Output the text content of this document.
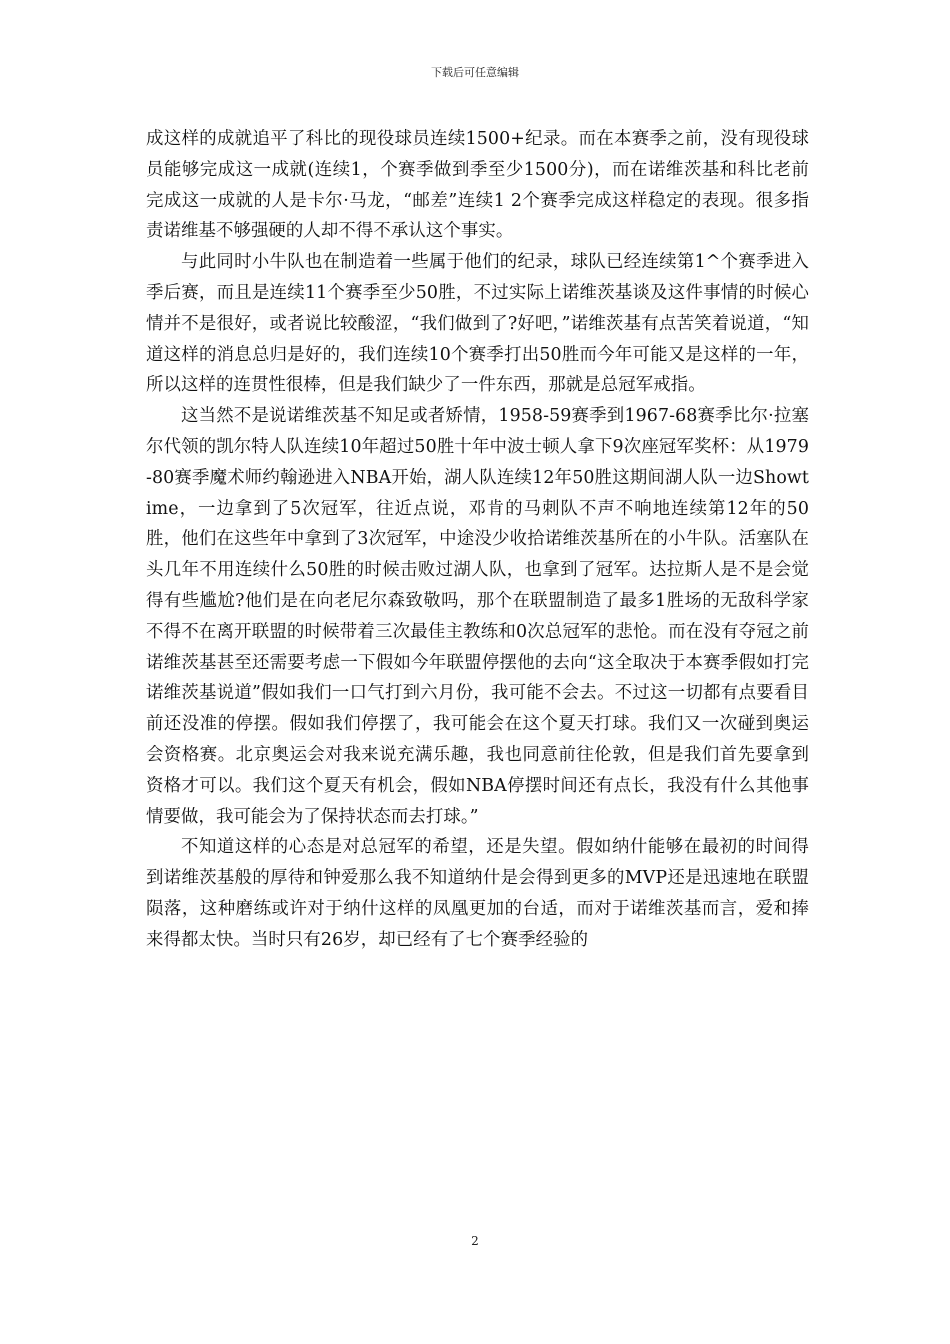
下载后可任意编辑

成这样的成就追平了科比的现役球员连续1500+纪录。而在本赛季之前，没有现役球员能够完成这一成就(连续1，个赛季做到季至少1500分)，而在诺维茨基和科比老前完成这一成就的人是卡尔·马龙，“邮差”连续1 2个赛季完成这样稳定的表现。很多指责诺维基不够强硬的人却不得不承认这个事实。

与此同时小牛队也在制造着一些属于他们的纪录，球队已经连续第1^个赛季进入季后赛，而且是连续11个赛季至少50胜，不过实际上诺维茨基谈及这件事情的时候心情并不是很好，或者说比较酸涩，“我们做到了?好吧，”诺维茨基有点苦笑着说道，“知道这样的消息总归是好的，我们连续10个赛季打出50胜而今年可能又是这样的一年，所以这样的连贯性很棒，但是我们缺少了一件东西，那就是总冠军戒指。

这当然不是说诺维茨基不知足或者矫情，1958-59赛季到1967-68赛季比尔·拉塞尔代领的凯尔特人队连续10年超过50胜十年中波士顿人拿下9次座冠军奖杯：从1979-80赛季魔术师约翰逊进入NBA开始，湖人队连续12年50胜这期间湖人队一边Showtime，一边拿到了5次冠军，往近点说，邓肯的马刺队不声不响地连续第12年的50胜，他们在这些年中拿到了3次冠军，中途没少收拾诺维茨基所在的小牛队。活塞队在头几年不用连续什么50胜的时候击败过湖人队，也拿到了冠军。达拉斯人是不是会觉得有些尴尬?他们是在向老尼尔森致敬吗，那个在联盟制造了最多1胜场的无敌科学家不得不在离开联盟的时候带着三次最佳主教练和0次总冠军的悲怆。而在没有夺冠之前诺维茨基甚至还需要考虑一下假如今年联盟停摆他的去向“这全取决于本赛季假如打完诺维茨基说道”假如我们一口气打到六月份，我可能不会去。不过这一切都有点要看目前还没准的停摆。假如我们停摆了，我可能会在这个夏天打球。我们又一次碰到奥运会资格赛。北京奥运会对我来说充满乐趣，我也同意前往伦敦，但是我们首先要拿到资格才可以。我们这个夏天有机会，假如NBA停摆时间还有点长，我没有什么其他事情要做，我可能会为了保持状态而去打球。”

不知道这样的心态是对总冠军的希望，还是失望。假如纳什能够在最初的时间得到诺维茨基般的厚待和钟爱那么我不知道纳什是会得到更多的MVP还是迅速地在联盟陨落，这种磨练或许对于纳什这样的凤凰更加的台适，而对于诺维茨基而言，爱和捧来得都太快。当时只有26岁，却已经有了七个赛季经验的

2
